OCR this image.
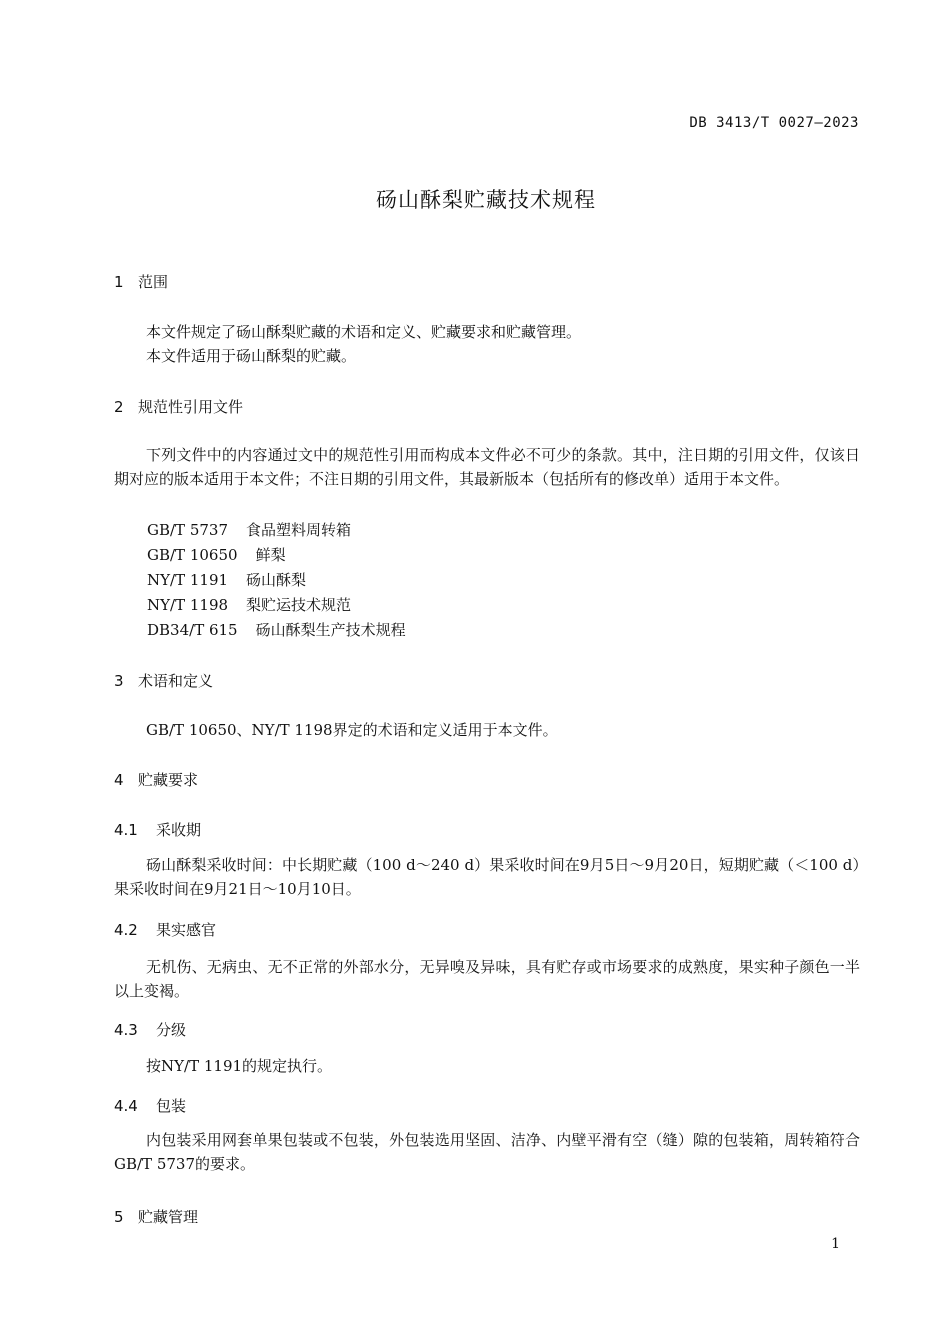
DB 3413/T 0027—2023
砀山酥梨贮藏技术规程
1 范围
本文件规定了砀山酥梨贮藏的术语和定义、贮藏要求和贮藏管理。
本文件适用于砀山酥梨的贮藏。
2 规范性引用文件
下列文件中的内容通过文中的规范性引用而构成本文件必不可少的条款。其中，注日期的引用文件，仅该日期对应的版本适用于本文件；不注日期的引用文件，其最新版本（包括所有的修改单）适用于本文件。
GB/T 5737 食品塑料周转箱
GB/T 10650 鲜梨
NY/T 1191 砀山酥梨
NY/T 1198 梨贮运技术规范
DB34/T 615 砀山酥梨生产技术规程
3 术语和定义
GB/T 10650、NY/T 1198界定的术语和定义适用于本文件。
4 贮藏要求
4.1 采收期
砀山酥梨采收时间：中长期贮藏（100 d～240 d）果采收时间在9月5日～9月20日，短期贮藏（＜100 d）果采收时间在9月21日～10月10日。
4.2 果实感官
无机伤、无病虫、无不正常的外部水分，无异嗅及异味，具有贮存或市场要求的成熟度，果实种子颜色一半以上变褐。
4.3 分级
按NY/T 1191的规定执行。
4.4 包装
内包装采用网套单果包装或不包装，外包装选用坚固、洁净、内壁平滑有空（缝）隙的包装箱，周转箱符合GB/T 5737的要求。
5 贮藏管理
1
